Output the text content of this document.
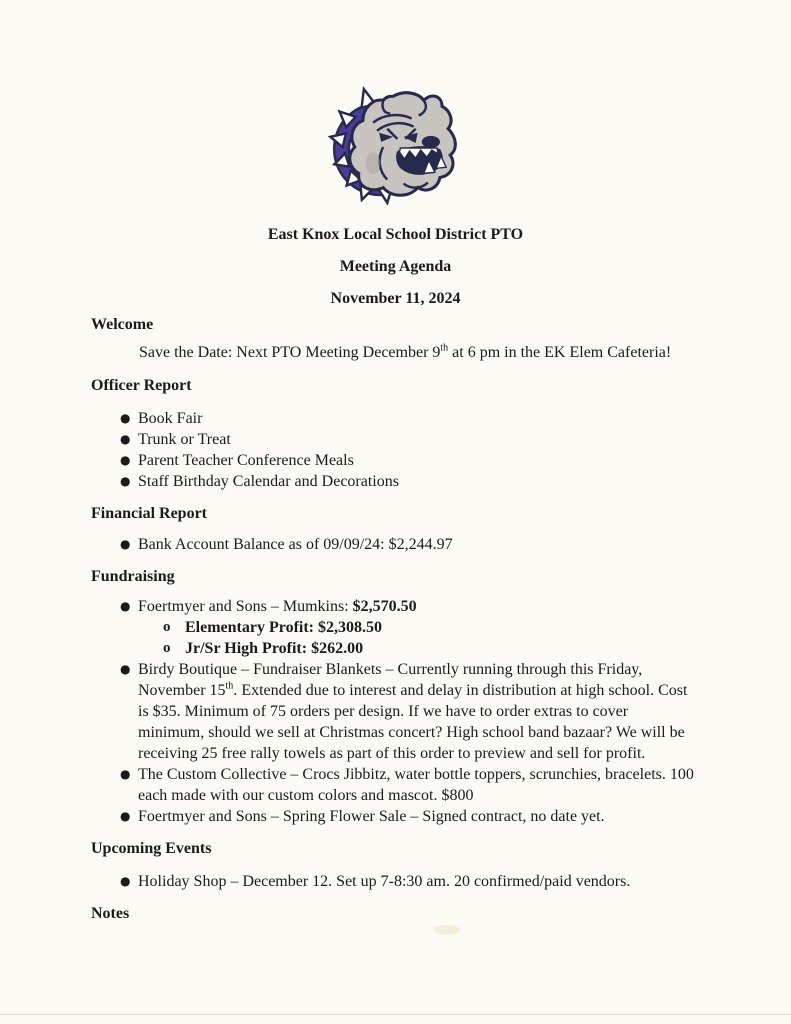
East Knox Local School District PTO

Meeting Agenda

November 11, 2024

Welcome

Save the Date: Next PTO Meeting December 9th at 6 pm in the EK Elem Cafeteria!

Officer Report

● Book Fair
● Trunk or Treat
● Parent Teacher Conference Meals
● Staff Birthday Calendar and Decorations

Financial Report

● Bank Account Balance as of 09/09/24: $2,244.97

Fundraising

● Foertmyer and Sons – Mumkins: $2,570.50
o Elementary Profit: $2,308.50
o Jr/Sr High Profit: $262.00
● Birdy Boutique – Fundraiser Blankets – Currently running through this Friday, November 15th. Extended due to interest and delay in distribution at high school. Cost is $35. Minimum of 75 orders per design. If we have to order extras to cover minimum, should we sell at Christmas concert? High school band bazaar? We will be receiving 25 free rally towels as part of this order to preview and sell for profit.
● The Custom Collective – Crocs Jibbitz, water bottle toppers, scrunchies, bracelets. 100 each made with our custom colors and mascot. $800
● Foertmyer and Sons – Spring Flower Sale – Signed contract, no date yet.

Upcoming Events

● Holiday Shop – December 12. Set up 7-8:30 am. 20 confirmed/paid vendors.

Notes
